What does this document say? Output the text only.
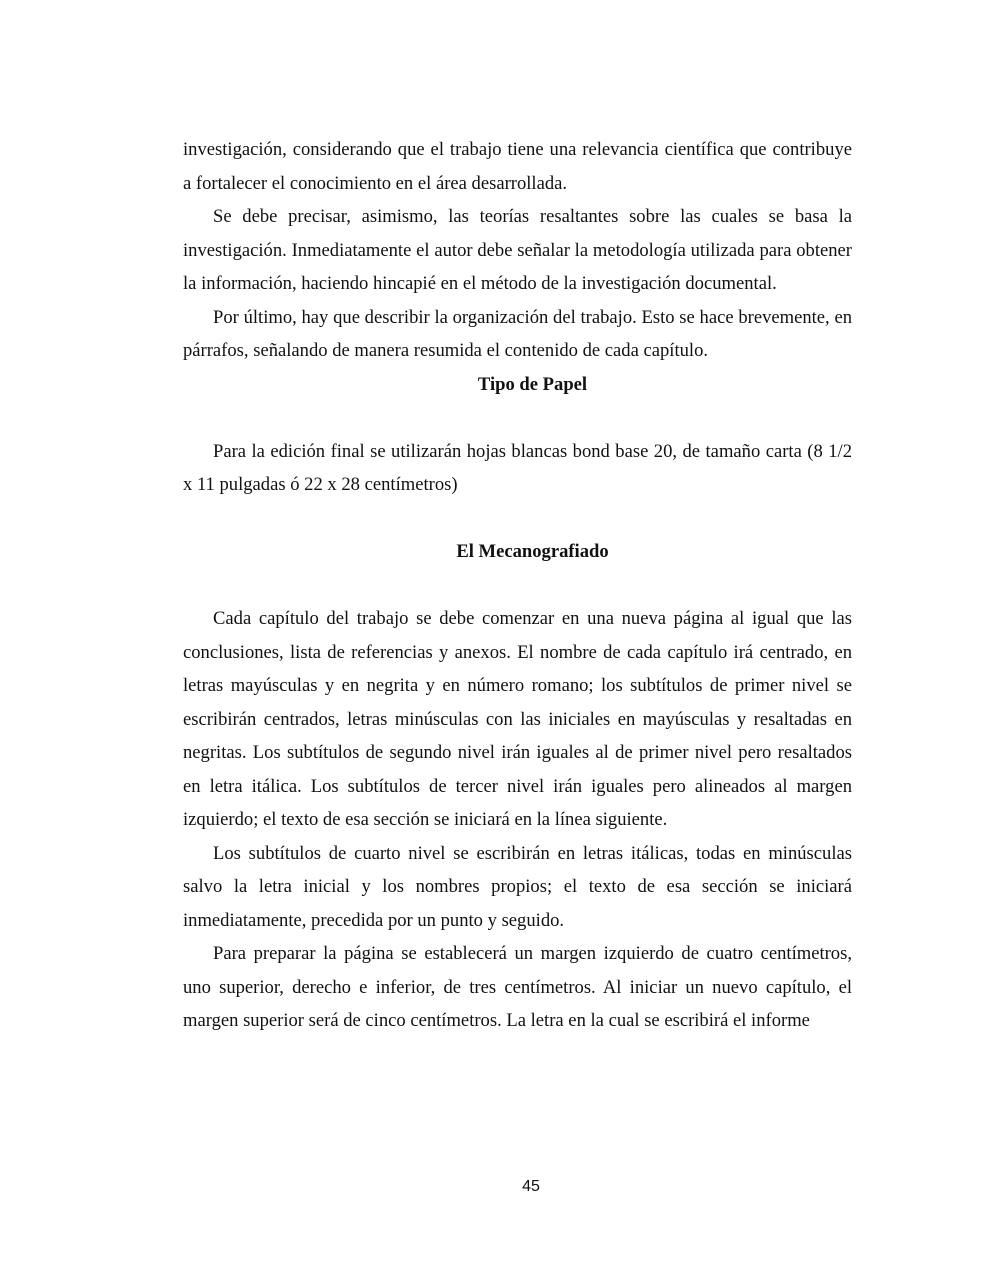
investigación, considerando que el trabajo tiene una relevancia científica que contribuye a fortalecer el conocimiento en el área desarrollada.

Se debe precisar, asimismo, las teorías resaltantes sobre las cuales se basa la investigación. Inmediatamente el autor debe señalar la metodología utilizada para obtener la información, haciendo hincapié en el método de la investigación documental.

Por último, hay que describir la organización del trabajo. Esto se hace brevemente, en párrafos, señalando de manera resumida el contenido de cada capítulo.

Tipo de Papel

Para la edición final se utilizarán hojas blancas bond base 20, de tamaño carta (8 1/2 x 11 pulgadas ó 22 x 28 centímetros)

El Mecanografiado

Cada capítulo del trabajo se debe comenzar en una nueva página al igual que las conclusiones, lista de referencias y anexos. El nombre de cada capítulo irá centrado, en letras mayúsculas y en negrita y en número romano; los subtítulos de primer nivel se escribirán centrados, letras minúsculas con las iniciales en mayúsculas y resaltadas en negritas. Los subtítulos de segundo nivel irán iguales al de primer nivel pero resaltados en letra itálica. Los subtítulos de tercer nivel irán iguales pero alineados al margen izquierdo; el texto de esa sección se iniciará en la línea siguiente.

Los subtítulos de cuarto nivel se escribirán en letras itálicas, todas en minúsculas salvo la letra inicial y los nombres propios; el texto de esa sección se iniciará inmediatamente, precedida por un punto y seguido.

Para preparar la página se establecerá un margen izquierdo de cuatro centímetros, uno superior, derecho e inferior, de tres centímetros. Al iniciar un nuevo capítulo, el margen superior será de cinco centímetros. La letra en la cual se escribirá el informe

45
